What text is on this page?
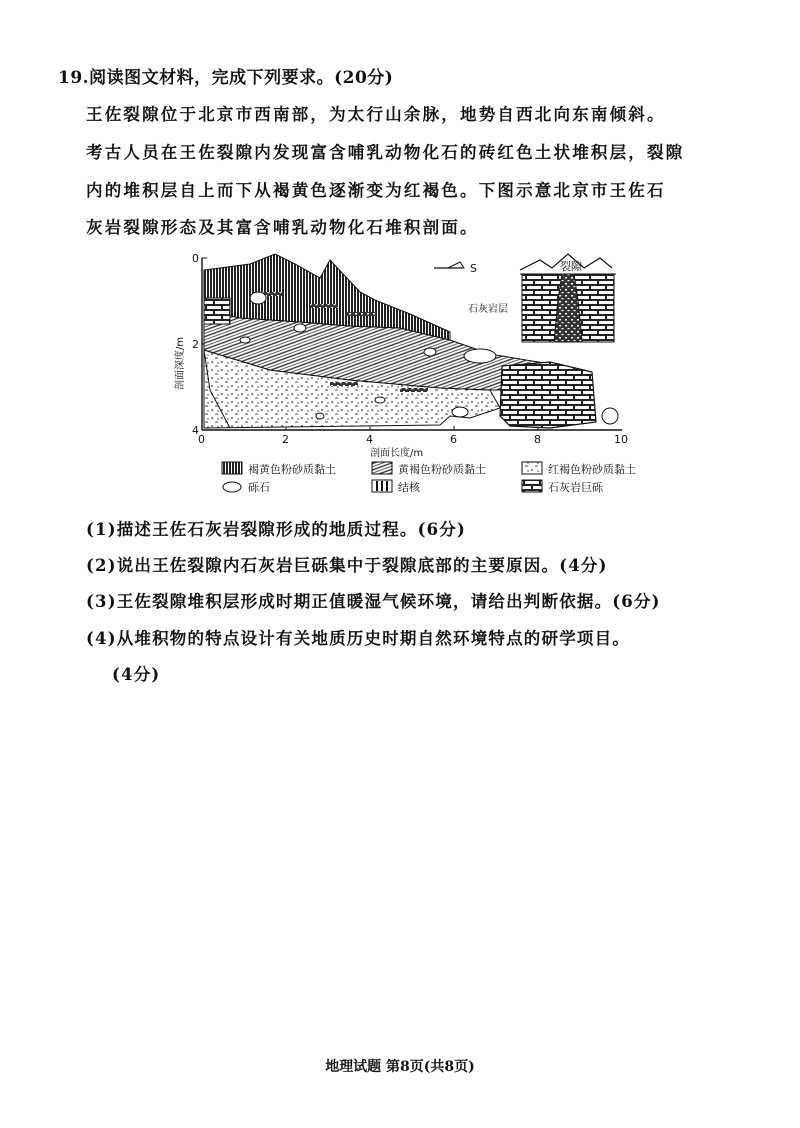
19.阅读图文材料，完成下列要求。(20分)
王佐裂隙位于北京市西南部，为太行山余脉，地势自西北向东南倾斜。
考古人员在王佐裂隙内发现富含哺乳动物化石的砖红色土状堆积层，裂隙
内的堆积层自上而下从褐黄色逐渐变为红褐色。下图示意北京市王佐石
灰岩裂隙形态及其富含哺乳动物化石堆积剖面。
0
2
4
剖面深度/m
0	2	4	6	8	10
剖面长度/m
S	裂隙
石灰岩层
褐黄色粉砂质黏土	黄褐色粉砂质黏土	红褐色粉砂质黏土
砾石	结核	石灰岩巨砾
(1)描述王佐石灰岩裂隙形成的地质过程。(6分)
(2)说出王佐裂隙内石灰岩巨砾集中于裂隙底部的主要原因。(4分)
(3)王佐裂隙堆积层形成时期正值暖湿气候环境，请给出判断依据。(6分)
(4)从堆积物的特点设计有关地质历史时期自然环境特点的研学项目。
(4分)
地理试题 第8页(共8页)
